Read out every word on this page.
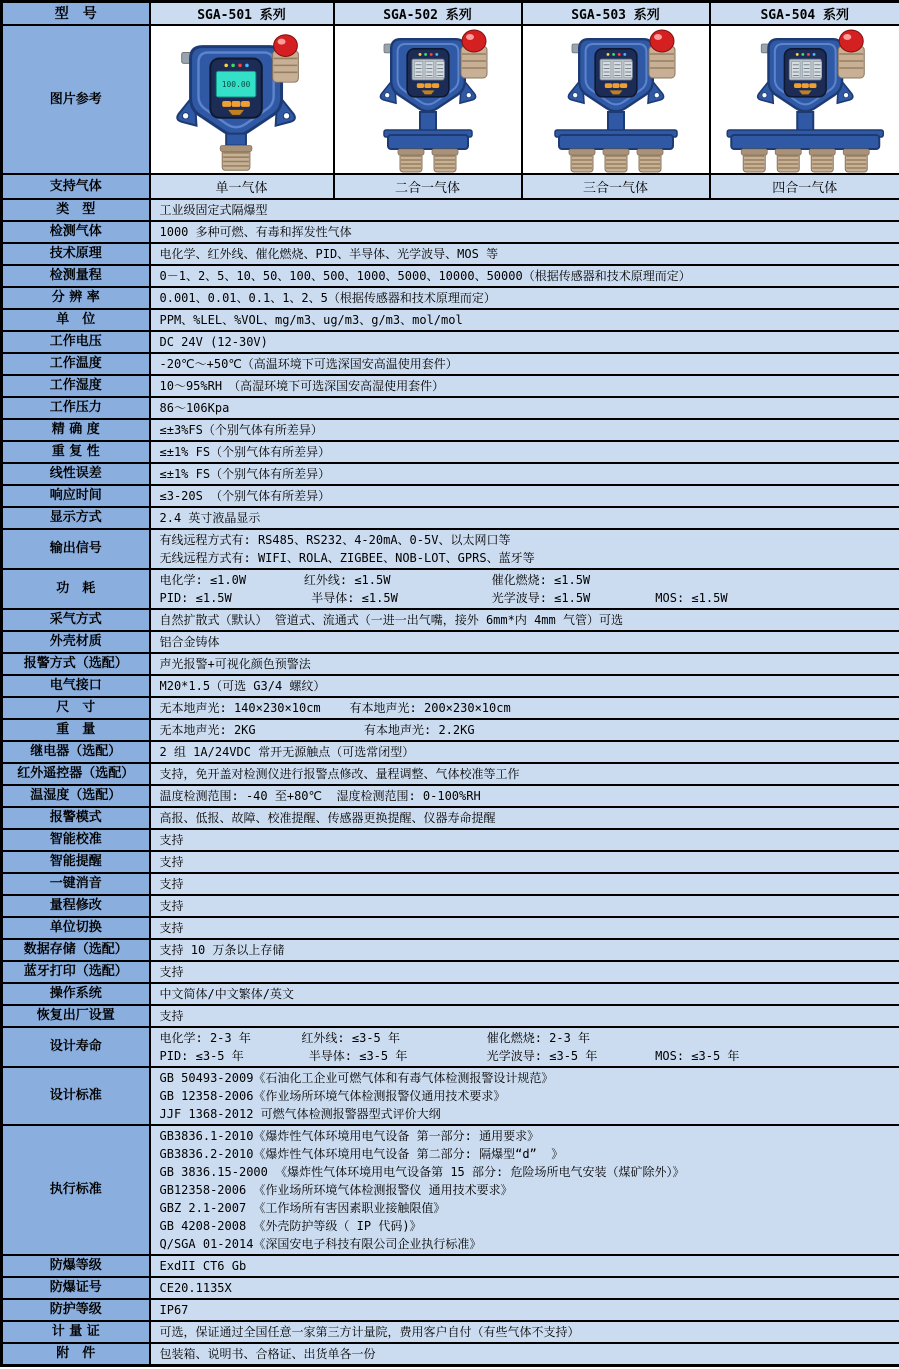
型　号	SGA-501 系列	SGA-502 系列	SGA-503 系列	SGA-504 系列
图片参考	100.00

支持气体	单一气体	二合一气体	三合一气体	四合一气体
类　型	工业级固定式隔爆型			

检测气体	1000 多种可燃、有毒和挥发性气体			

技术原理	电化学、红外线、催化燃烧、PID、半导体、光学波导、MOS 等			

检测量程	0－1、2、5、10、50、100、500、1000、5000、10000、50000（根据传感器和技术原理而定）			

分 辨 率	0.001、0.01、0.1、1、2、5（根据传感器和技术原理而定）			

单　位	PPM、%LEL、%VOL、mg/m3、ug/m3、g/m3、mol/mol			

工作电压	DC 24V (12-30V)			

工作温度	-20℃～+50℃（高温环境下可选深国安高温使用套件）			

工作湿度	10～95%RH　（高湿环境下可选深国安高湿使用套件）			

工作压力	86～106Kpa			

精 确 度	≤±3%FS（个别气体有所差异）			

重 复 性	≤±1% FS（个别气体有所差异）			

线性误差	≤±1% FS（个别气体有所差异）			

响应时间	≤3-20S （个别气体有所差异）			

显示方式	2.4 英寸液晶显示			

输出信号	有线远程方式有: RS485、RS232、4-20mA、0-5V、以太网口等
无线远程方式有: WIFI、ROLA、ZIGBEE、NOB-LOT、GPRS、蓝牙等			

功　耗	电化学: ≤1.0W        红外线: ≤1.5W              催化燃烧: ≤1.5W
PID: ≤1.5W           半导体: ≤1.5W             光学波导: ≤1.5W         MOS: ≤1.5W			

采气方式	自然扩散式（默认） 管道式、流通式（一进一出气嘴，接外 6mm*内 4mm 气管）可选			

外壳材质	铝合金铸体			

报警方式（选配）	声光报警+可视化颜色预警法			

电气接口	M20*1.5（可选 G3/4 螺纹）			

尺　寸	无本地声光: 140×230×10cm    有本地声光: 200×230×10cm			

重　量	无本地声光: 2KG               有本地声光: 2.2KG			

继电器（选配）	2 组 1A/24VDC 常开无源触点（可选常闭型）			

红外遥控器（选配）	支持，免开盖对检测仪进行报警点修改、量程调整、气体校准等工作			

温湿度（选配）	温度检测范围: -40 至+80℃  湿度检测范围: 0-100%RH			

报警模式	高报、低报、故障、校准提醒、传感器更换提醒、仪器寿命提醒			

智能校准	支持			

智能提醒	支持			

一键消音	支持			

量程修改	支持			

单位切换	支持			

数据存储（选配）	支持 10 万条以上存储			

蓝牙打印（选配）	支持			

操作系统	中文简体/中文繁体/英文			

恢复出厂设置	支持			

设计寿命	电化学: 2-3 年       红外线: ≤3-5 年            催化燃烧: 2-3 年
PID: ≤3-5 年         半导体: ≤3-5 年           光学波导: ≤3-5 年        MOS: ≤3-5 年			

设计标准	GB 50493-2009《石油化工企业可燃气体和有毒气体检测报警设计规范》
GB 12358-2006《作业场所环境气体检测报警仪通用技术要求》
JJF 1368-2012 可燃气体检测报警器型式评价大纲			

执行标准	
GB3836.1-2010《爆炸性气体环境用电气设备 第一部分: 通用要求》
GB3836.2-2010《爆炸性气体环境用电气设备 第二部分: 隔爆型“d”  》
GB 3836.15-2000 《爆炸性气体环境用电气设备第 15 部分: 危险场所电气安装（煤矿除外）》
GB12358-2006 《作业场所环境气体检测报警仪 通用技术要求》
GBZ 2.1-2007 《工作场所有害因素职业接触限值》
GB 4208-2008 《外壳防护等级（ IP 代码)》
Q/SGA 01-2014《深国安电子科技有限公司企业执行标准》

防爆等级	ExdII CT6 Gb			

防爆证号	CE20.1135X			

防护等级	IP67			

计 量 证	可选，保证通过全国任意一家第三方计量院，费用客户自付（有些气体不支持）			

附　件	包装箱、说明书、合格证、出货单各一份			
